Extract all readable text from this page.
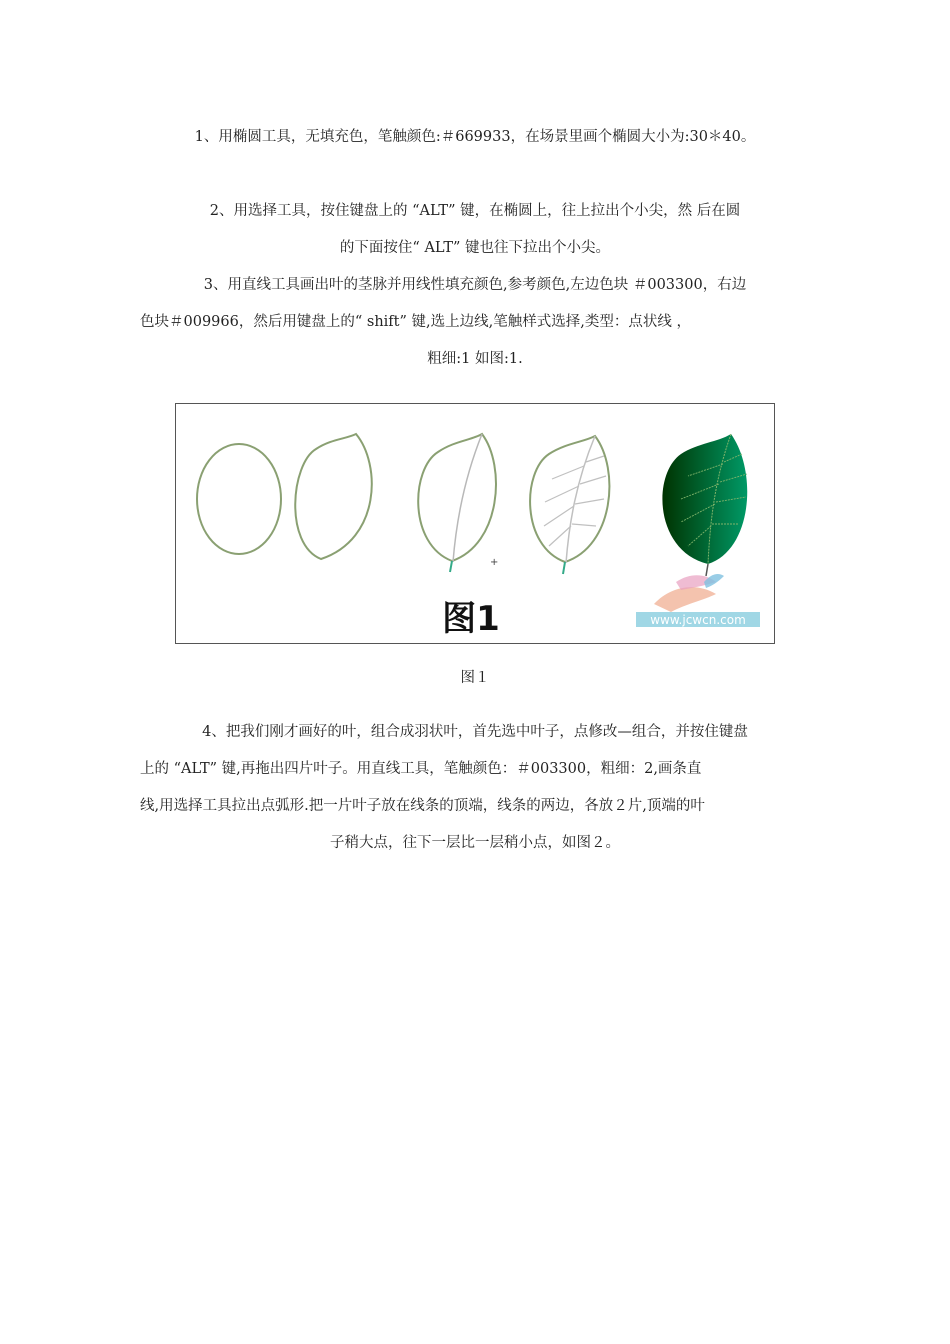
1、用椭圆工具，无填充色，笔触颜色:＃669933，在场景里画个椭圆大小为:30＊40。
2、用选择工具，按住键盘上的 “ALT” 键，在椭圆上，往上拉出个小尖，然 后在圆
的下面按住“ ALT” 键也往下拉出个小尖。
3、用直线工具画出叶的茎脉并用线性填充颜色,参考颜色,左边色块 ＃003300，右边
色块＃009966，然后用键盘上的“ shift” 键,选上边线,笔触样式选择,类型：点状线 ，
粗细:1 如图:1.
+
图1	www.jcwcn.com
图１
4、把我们刚才画好的叶，组合成羽状叶，首先选中叶子，点修改—组合，并按住键盘
上的 “ALT” 键,再拖出四片叶子。用直线工具，笔触颜色：＃003300，粗细：2,画条直
线,用选择工具拉出点弧形.把一片叶子放在线条的顶端，线条的两边，各放２片,顶端的叶
子稍大点，往下一层比一层稍小点，如图２。
